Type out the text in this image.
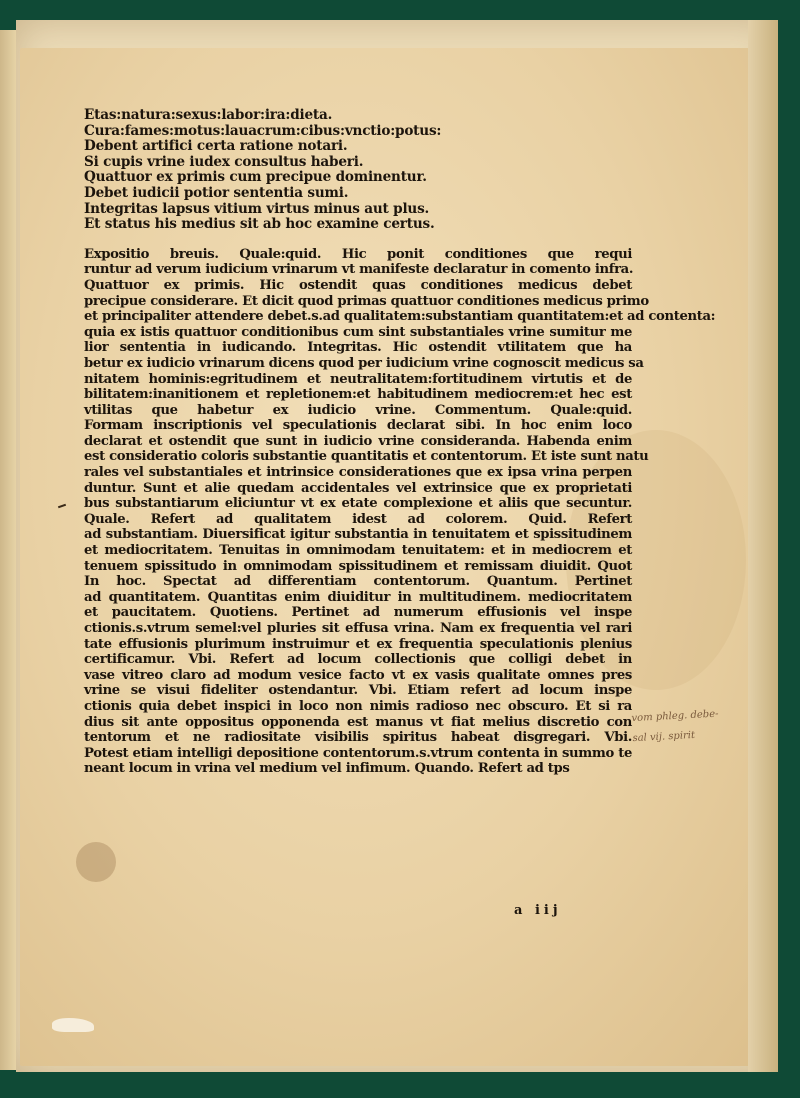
Etas:natura:sexus:labor:ira:dieta.
Cura:fames:motus:lauacrum:cibus:vnctio:potus:
Debent artifici certa ratione notari.
Si cupis vrine iudex consultus haberi.
Quattuor ex primis cum precipue dominentur.
Debet iudicii potior sententia sumi.
Integritas lapsus vitium virtus minus aut plus.
Et status his medius sit ab hoc examine certus.
Expositio breuis. Quale:quid. Hic ponit conditiones que requi
runtur ad verum iudicium vrinarum vt manifeste declaratur in comento infra.
Quattuor ex primis. Hic ostendit quas conditiones medicus debet
precipue considerare. Et dicit quod primas quattuor conditiones medicus primo
et principaliter attendere debet.s.ad qualitatem:substantiam quantitatem:et ad contenta:
quia ex istis quattuor conditionibus cum sint substantiales vrine sumitur me
lior sententia in iudicando. Integritas. Hic ostendit vtilitatem que ha
betur ex iudicio vrinarum dicens quod per iudicium vrine cognoscit medicus sa
nitatem hominis:egritudinem et neutralitatem:fortitudinem virtutis et de
bilitatem:inanitionem et repletionem:et habitudinem mediocrem:et hec est
vtilitas que habetur ex iudicio vrine. Commentum. Quale:quid.
Formam inscriptionis vel speculationis declarat sibi. In hoc enim loco
declarat et ostendit que sunt in iudicio vrine consideranda. Habenda enim
est consideratio coloris substantie quantitatis et contentorum. Et iste sunt natu
rales vel substantiales et intrinsice considerationes que ex ipsa vrina perpen
duntur. Sunt et alie quedam accidentales vel extrinsice que ex proprietati
bus substantiarum eliciuntur vt ex etate complexione et aliis que secuntur.
Quale. Refert ad qualitatem idest ad colorem. Quid. Refert
ad substantiam. Diuersificat igitur substantia in tenuitatem et spissitudinem
et mediocritatem. Tenuitas in omnimodam tenuitatem: et in mediocrem et
tenuem spissitudo in omnimodam spissitudinem et remissam diuidit. Quot
In hoc. Spectat ad differentiam contentorum. Quantum. Pertinet
ad quantitatem. Quantitas enim diuiditur in multitudinem. mediocritatem
et paucitatem. Quotiens. Pertinet ad numerum effusionis vel inspe
ctionis.s.vtrum semel:vel pluries sit effusa vrina. Nam ex frequentia vel rari
tate effusionis plurimum instruimur et ex frequentia speculationis plenius
certificamur. Vbi. Refert ad locum collectionis que colligi debet in
vase vitreo claro ad modum vesice facto vt ex vasis qualitate omnes pres
vrine se visui fideliter ostendantur. Vbi. Etiam refert ad locum inspe
ctionis quia debet inspici in loco non nimis radioso nec obscuro. Et si ra
dius sit ante oppositus opponenda est manus vt fiat melius discretio con
tentorum et ne radiositate visibilis spiritus habeat disgregari. Vbi.
Potest etiam intelligi depositione contentorum.s.vtrum contenta in summo te
neant locum in vrina vel medium vel infimum. Quando. Refert ad tps
a iij
vom phleg. debe-
sal vij. spirit
